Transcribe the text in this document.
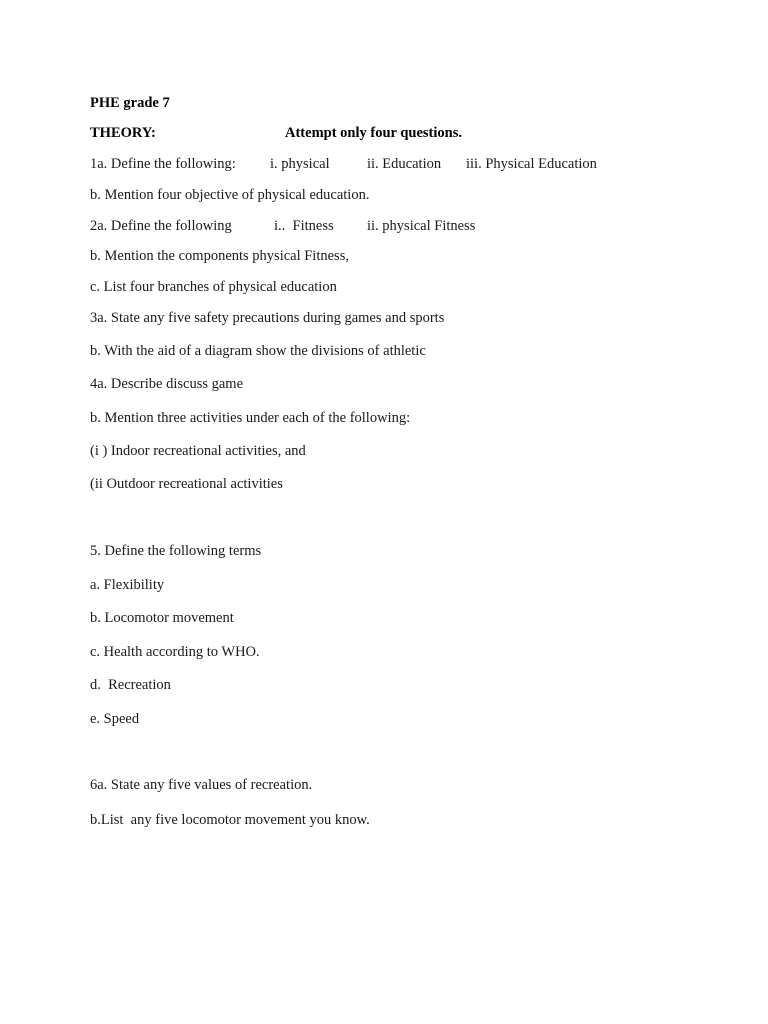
PHE grade 7

THEORY:

	Attempt only four questions.

1a. Define the following:

i. physical

	ii. Education

iii. Physical Education

b. Mention four objective of physical education.

2a. Define the following

	i..  Fitness

ii. physical Fitness

b. Mention the components physical Fitness,
c. List four branches of physical education
3a. State any five safety precautions during games and sports
b. With the aid of a diagram show the divisions of athletic
4a. Describe discuss game
b. Mention three activities under each of the following:
(i ) Indoor recreational activities, and
(ii Outdoor recreational activities
5. Define the following terms
a. Flexibility
b. Locomotor movement
c. Health according to WHO.
d.  Recreation
e. Speed
6a. State any five values of recreation.
b.List  any five locomotor movement you know.
